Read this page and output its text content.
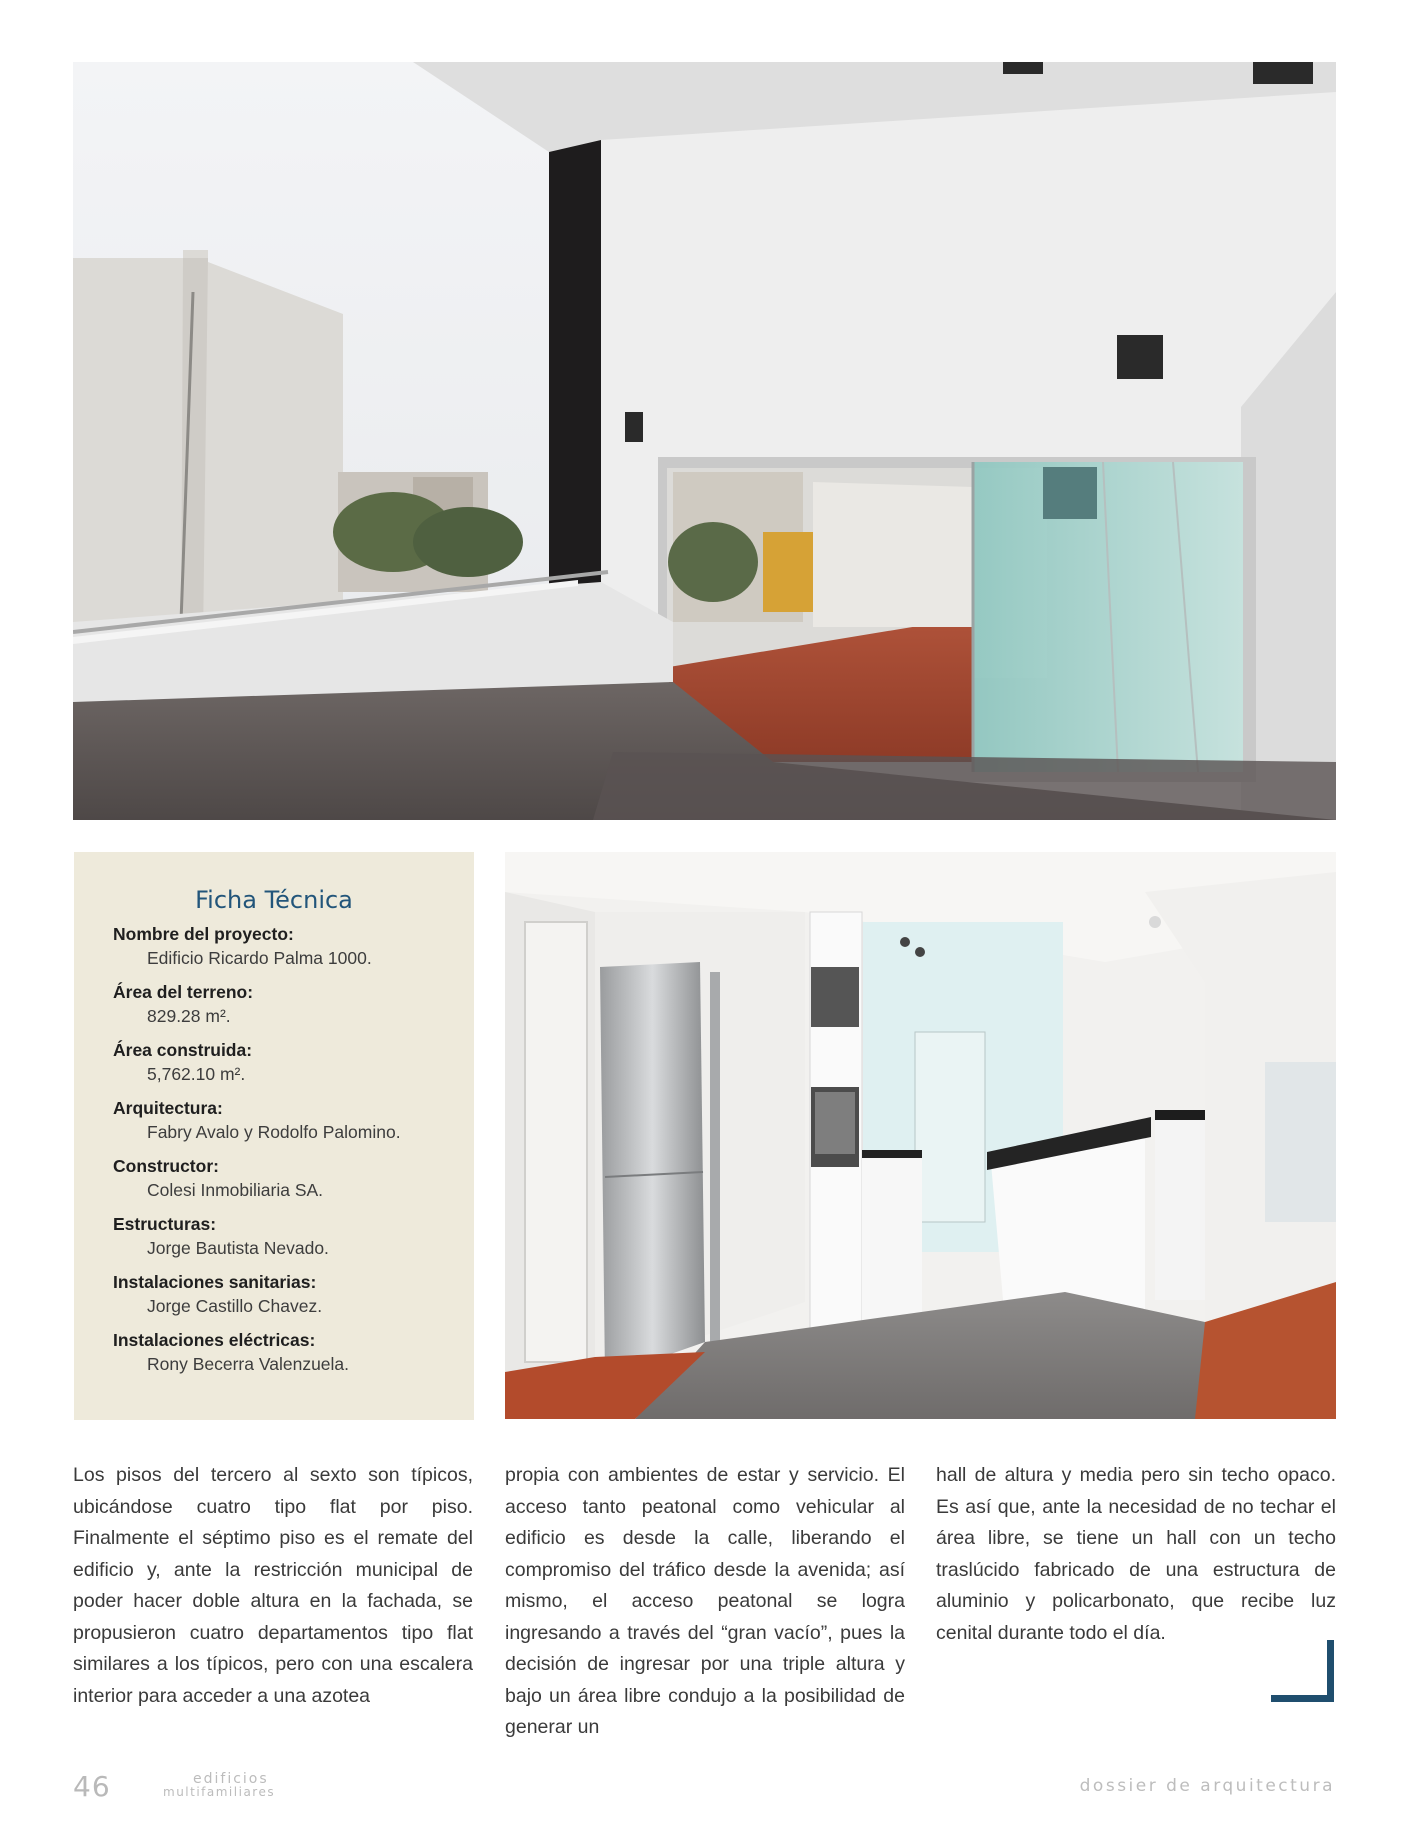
Ficha Técnica

Nombre del proyecto:

Edificio Ricardo Palma 1000.

Área del terreno:

829.28 m².

Área construida:

5,762.10 m².

Arquitectura:

Fabry Avalo y Rodolfo Palomino.

Constructor:

Colesi Inmobiliaria SA.

Estructuras:

Jorge Bautista Nevado.

Instalaciones sanitarias:

Jorge Castillo Chavez.

Instalaciones eléctricas:

Rony Becerra Valenzuela.

Los pisos del tercero al sexto son típicos, ubicándose cuatro tipo flat por piso. Finalmente el séptimo piso es el remate del edificio y, ante la restricción municipal de poder hacer doble altura en la fachada, se propusieron cuatro departamentos tipo flat similares a los típicos, pero con una escalera interior para acceder a una azotea

propia con ambientes de estar y servicio. El acceso tanto peatonal como vehicular al edificio es desde la calle, liberando el compromiso del tráfico desde la avenida; así mismo, el acceso peatonal se logra ingresando a través del “gran vacío”, pues la decisión de ingresar por una triple altura y bajo un área libre condujo a la posibilidad de generar un

hall de altura y media pero sin techo opaco. Es así que, ante la necesidad de no techar el área libre, se tiene un hall con un techo traslúcido fabricado de una estructura de aluminio y policarbonato, que recibe luz cenital durante todo el día.

46	edificios
multifamiliares	dossier de arquitectura
